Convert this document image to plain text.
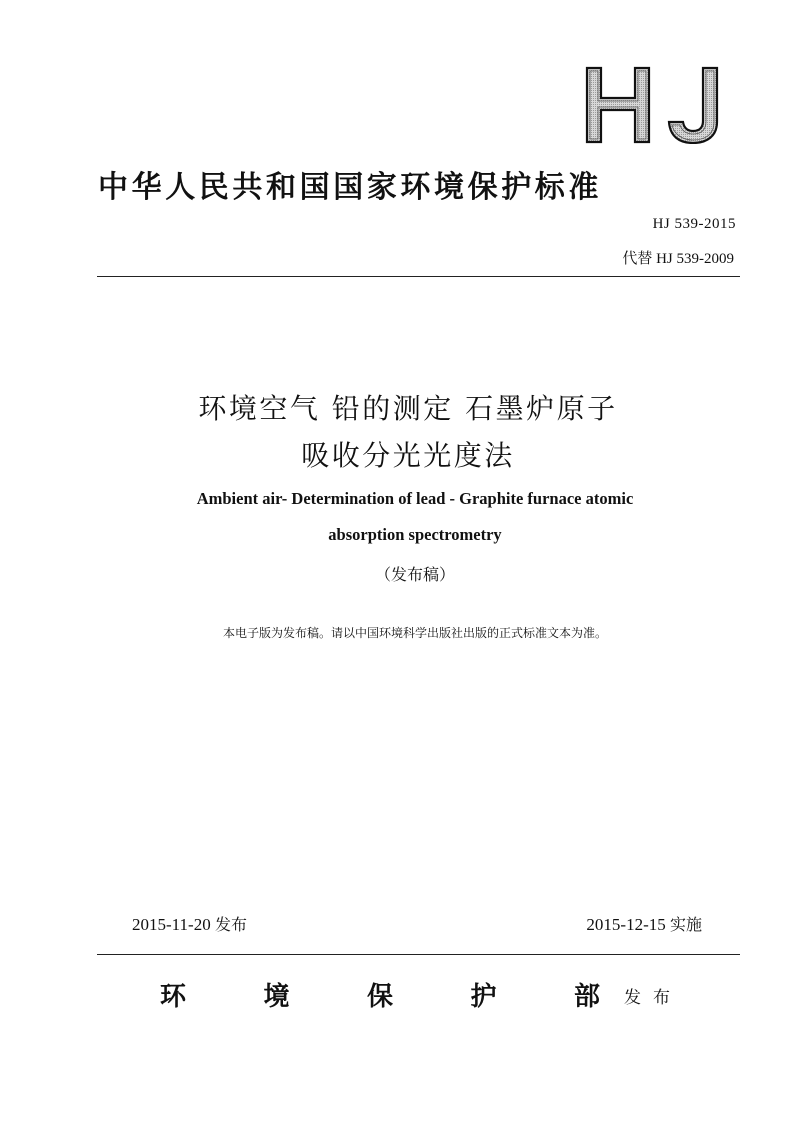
中华人民共和国国家环境保护标准
HJ 539-2015
代替 HJ 539-2009
环境空气 铅的测定 石墨炉原子
吸收分光光度法
Ambient air- Determination of lead - Graphite furnace atomic
absorption spectrometry
（发布稿）
本电子版为发布稿。请以中国环境科学出版社出版的正式标准文本为准。
2015-11-20 发布	2015-12-15 实施
环	境	保	护	部 发布
